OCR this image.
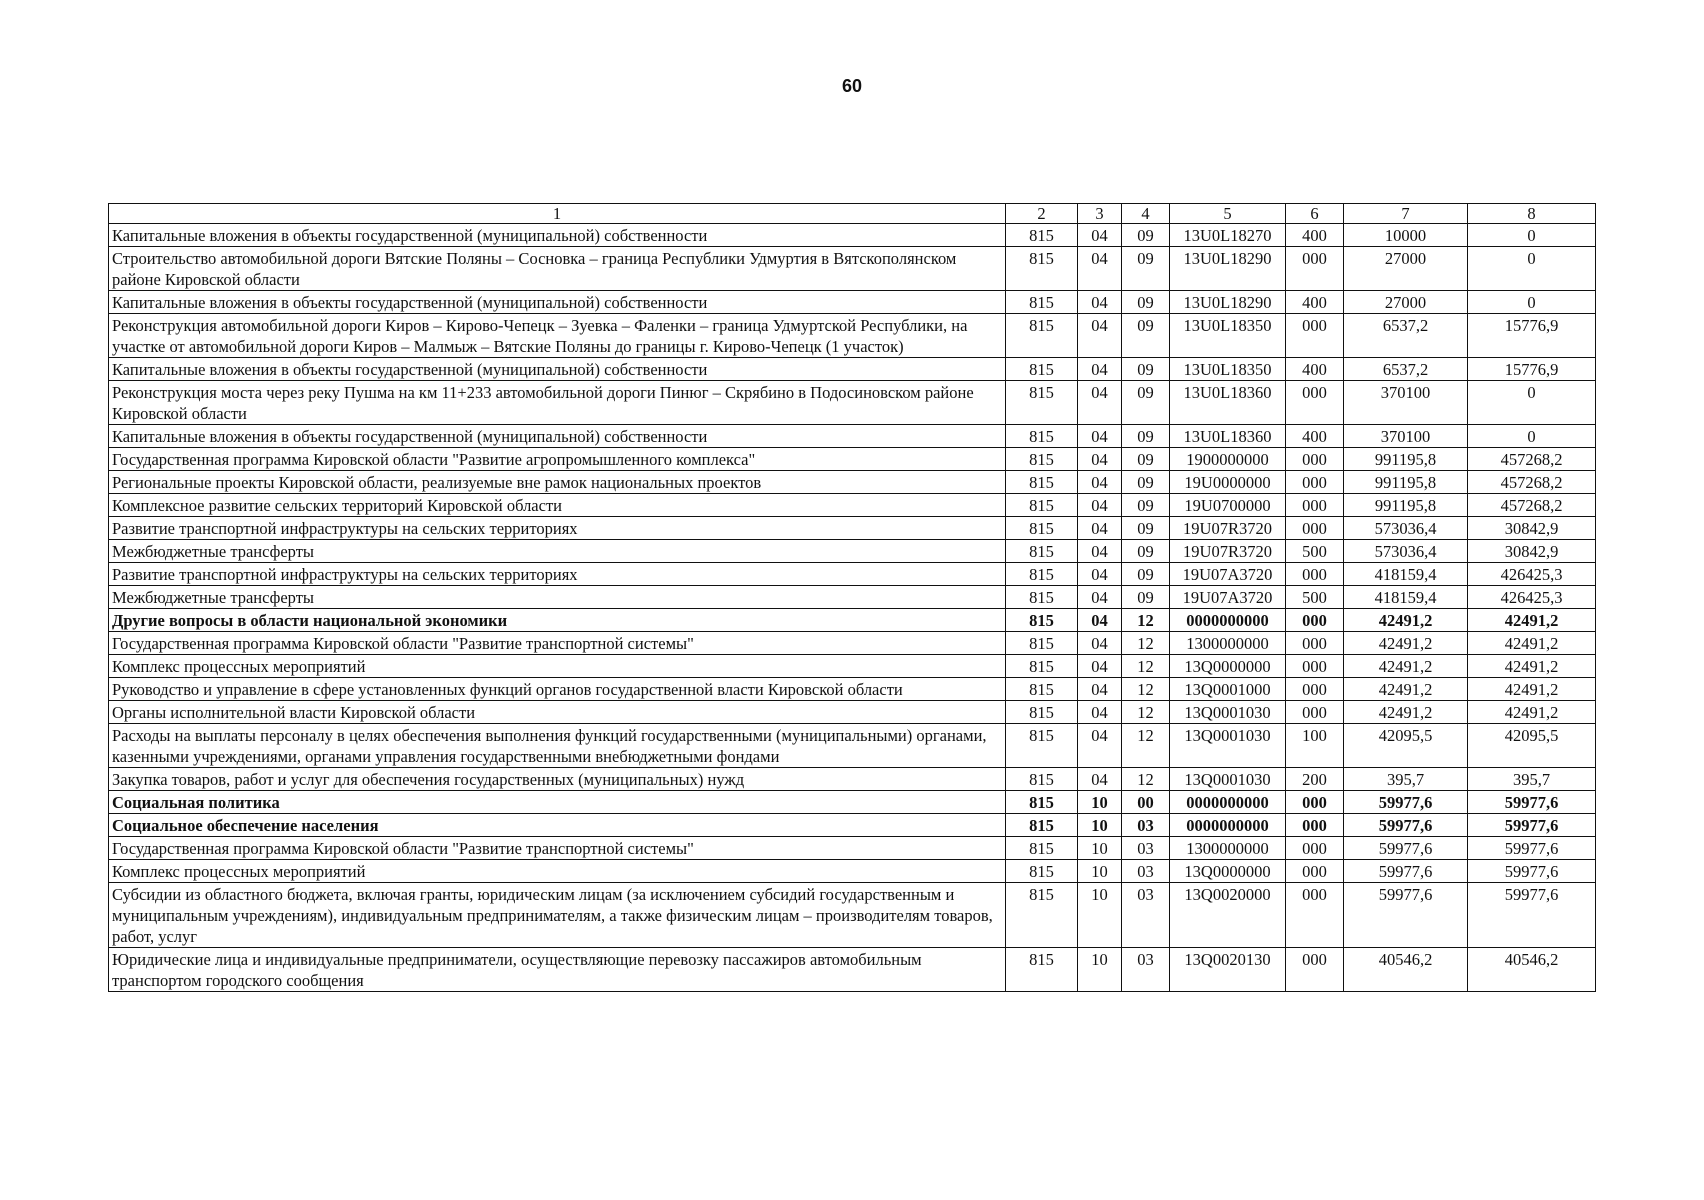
60
1	2	3	4	5	6	7	8
Капитальные вложения в объекты государственной (муниципальной) собственности	815	04	09	13U0L18270	400	10000	0
Строительство автомобильной дороги Вятские Поляны – Сосновка – граница Республики Удмуртия в Вятскополянском районе Кировской области	815	04	09	13U0L18290	000	27000	0
Капитальные вложения в объекты государственной (муниципальной) собственности	815	04	09	13U0L18290	400	27000	0
Реконструкция автомобильной дороги Киров – Кирово-Чепецк – Зуевка – Фаленки – граница Удмуртской Республики, на участке от автомобильной дороги Киров – Малмыж – Вятские Поляны до границы г. Кирово-Чепецк (1 участок)	815	04	09	13U0L18350	000	6537,2	15776,9
Капитальные вложения в объекты государственной (муниципальной) собственности	815	04	09	13U0L18350	400	6537,2	15776,9
Реконструкция моста через реку Пушма на км 11+233 автомобильной дороги Пинюг – Скрябино в Подосиновском районе Кировской области	815	04	09	13U0L18360	000	370100	0
Капитальные вложения в объекты государственной (муниципальной) собственности	815	04	09	13U0L18360	400	370100	0
Государственная программа Кировской области "Развитие агропромышленного комплекса"	815	04	09	1900000000	000	991195,8	457268,2
Региональные проекты Кировской области, реализуемые вне рамок национальных проектов	815	04	09	19U0000000	000	991195,8	457268,2
Комплексное развитие сельских территорий Кировской области	815	04	09	19U0700000	000	991195,8	457268,2
Развитие транспортной инфраструктуры на сельских территориях	815	04	09	19U07R3720	000	573036,4	30842,9
Межбюджетные трансферты	815	04	09	19U07R3720	500	573036,4	30842,9
Развитие транспортной инфраструктуры на сельских территориях	815	04	09	19U07A3720	000	418159,4	426425,3
Межбюджетные трансферты	815	04	09	19U07A3720	500	418159,4	426425,3
Другие вопросы в области национальной экономики	815	04	12	0000000000	000	42491,2	42491,2
Государственная программа Кировской области "Развитие транспортной системы"	815	04	12	1300000000	000	42491,2	42491,2
Комплекс процессных мероприятий	815	04	12	13Q0000000	000	42491,2	42491,2
Руководство и управление в сфере установленных функций органов государственной власти Кировской области	815	04	12	13Q0001000	000	42491,2	42491,2
Органы исполнительной власти Кировской области	815	04	12	13Q0001030	000	42491,2	42491,2
Расходы на выплаты персоналу в целях обеспечения выполнения функций государственными (муниципальными) органами, казенными учреждениями, органами управления государственными внебюджетными фондами	815	04	12	13Q0001030	100	42095,5	42095,5
Закупка товаров, работ и услуг для обеспечения государственных (муниципальных) нужд	815	04	12	13Q0001030	200	395,7	395,7
Социальная политика	815	10	00	0000000000	000	59977,6	59977,6
Социальное обеспечение населения	815	10	03	0000000000	000	59977,6	59977,6
Государственная программа Кировской области "Развитие транспортной системы"	815	10	03	1300000000	000	59977,6	59977,6
Комплекс процессных мероприятий	815	10	03	13Q0000000	000	59977,6	59977,6
Субсидии из областного бюджета, включая гранты, юридическим лицам (за исключением субсидий государственным и муниципальным учреждениям), индивидуальным предпринимателям, а также физическим лицам – производителям товаров, работ, услуг	815	10	03	13Q0020000	000	59977,6	59977,6
Юридические лица и индивидуальные предприниматели, осуществляющие перевозку пассажиров автомобильным транспортом городского сообщения	815	10	03	13Q0020130	000	40546,2	40546,2
